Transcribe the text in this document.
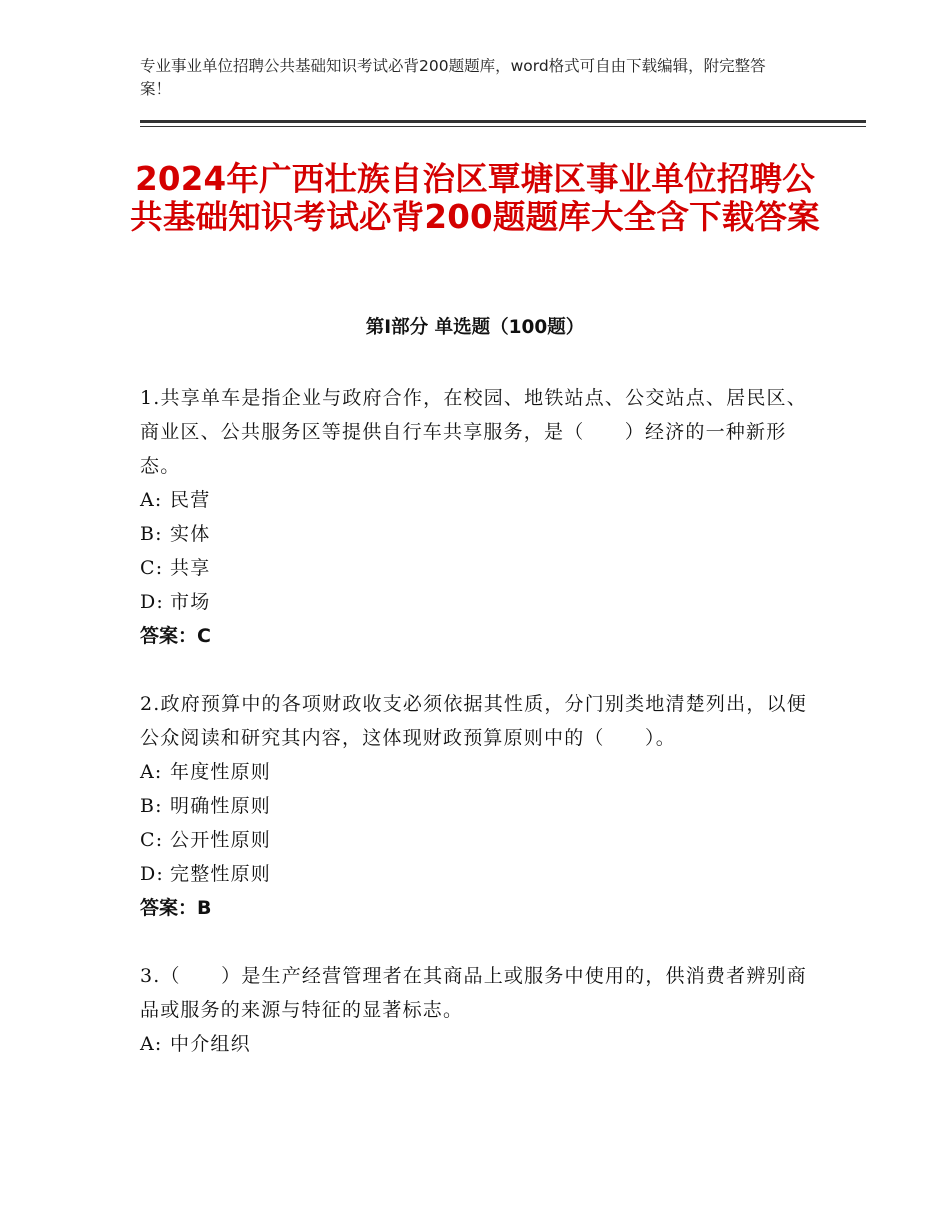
专业事业单位招聘公共基础知识考试必背200题题库，word格式可自由下载编辑，附完整答案！
2024年广西壮族自治区覃塘区事业单位招聘公共基础知识考试必背200题题库大全含下载答案
第I部分 单选题（100题）
1.共享单车是指企业与政府合作，在校园、地铁站点、公交站点、居民区、商业区、公共服务区等提供自行车共享服务，是（　　）经济的一种新形态。
A: 民营
B: 实体
C: 共享
D: 市场
答案：C
2.政府预算中的各项财政收支必须依据其性质，分门别类地清楚列出，以便公众阅读和研究其内容，这体现财政预算原则中的（　　）。
A: 年度性原则
B: 明确性原则
C: 公开性原则
D: 完整性原则
答案：B
3.（　　）是生产经营管理者在其商品上或服务中使用的，供消费者辨别商品或服务的来源与特征的显著标志。
A: 中介组织
